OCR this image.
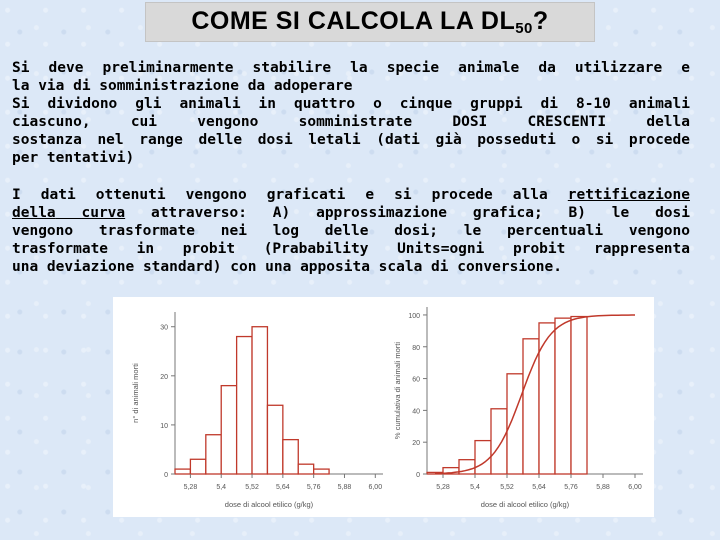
COME SI CALCOLA LA $DL_{50}$?
Si deve preliminarmente stabilire la specie animale da utilizzare e
la via di somministrazione da adoperare
Si dividono gli animali in quattro o cinque gruppi di 8-10 animali
ciascuno, cui vengono somministrate DOSI CRESCENTI della
sostanza nel range delle dosi letali (dati già posseduti o si procede
per tentativi)
I dati ottenuti vengono graficati e si procede alla rettificazione
della curva attraverso: A) approssimazione grafica; B) le dosi
vengono trasformate nei log delle dosi; le percentuali vengono
trasformate in probit (Prabability Units=ogni probit rappresenta
una deviazione standard) con una apposita scala di conversione.
0
10
20
30
5,28	5,4	5,52 5,64 5,76 5,88 6,00
dose di alcool etilico (g/kg)
n° di animali morti
0
20
40
60
80
100
5,28	5,4	5,52	5,64	5,76	5,88	6,00
dose di alcool etilico (g/kg)
% cumulativa di animali morti
